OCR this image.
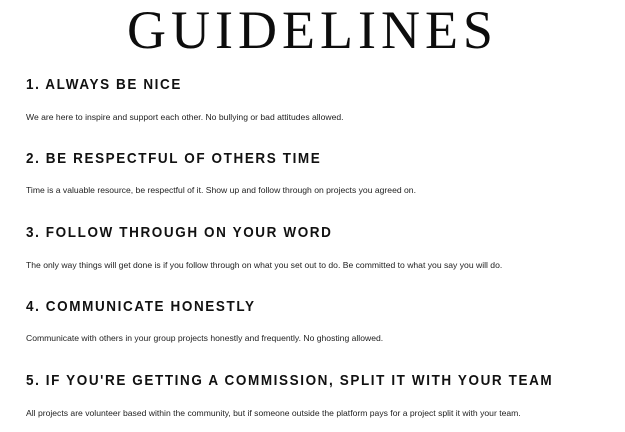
GUIDELINES
1. ALWAYS BE NICE

We are here to inspire and support each other. No bullying or bad attitudes allowed.

2. BE RESPECTFUL OF OTHERS TIME

Time is a valuable resource, be respectful of it. Show up and follow through on projects you agreed on.

3. FOLLOW THROUGH ON YOUR WORD

The only way things will get done is if you follow through on what you set out to do. Be committed to what you say you will do.

4. COMMUNICATE HONESTLY

Communicate with others in your group projects honestly and frequently. No ghosting allowed.

5. IF YOU'RE GETTING A COMMISSION, SPLIT IT WITH YOUR TEAM

All projects are volunteer based within the community, but if someone outside the platform pays for a project split it with your team.
